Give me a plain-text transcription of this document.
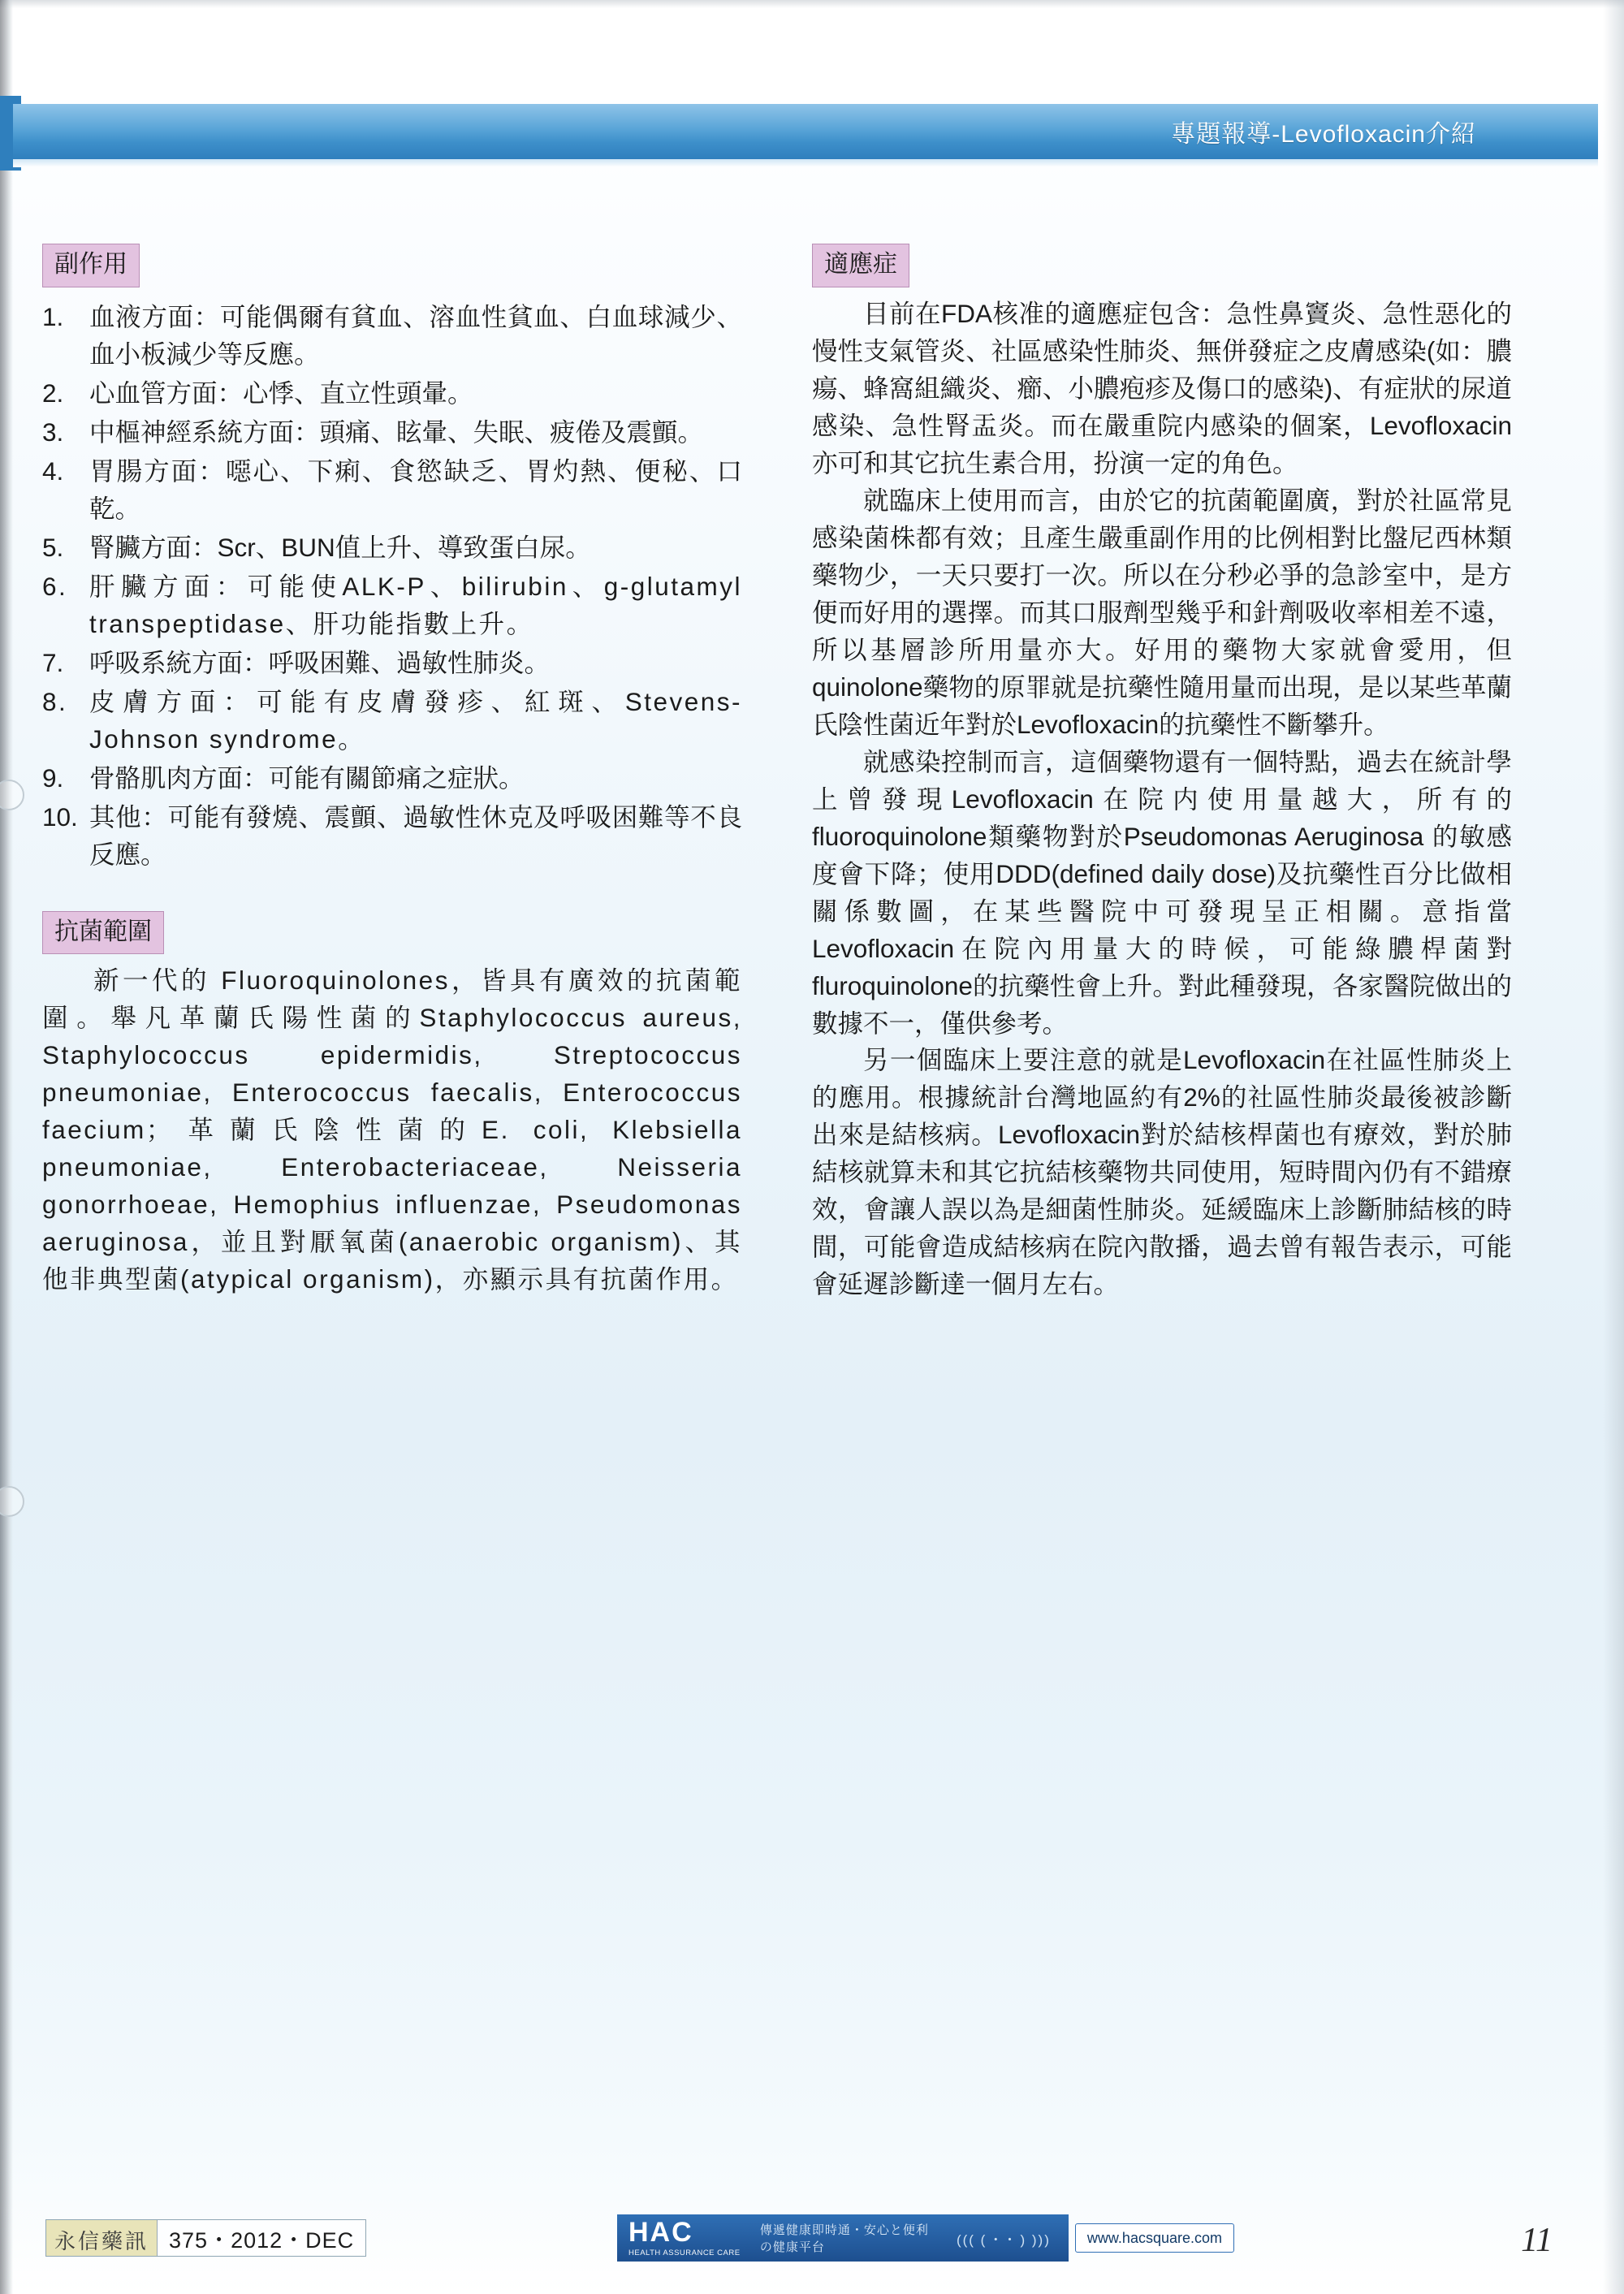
專題報導-Levofloxacin介紹
副作用
1.	血液方面：可能偶爾有貧血、溶血性貧血、白血球減少、血小板減少等反應。
2.	心血管方面：心悸、直立性頭暈。
3.	中樞神經系統方面：頭痛、眩暈、失眠、疲倦及震顫。
4.	胃腸方面：噁心、下痢、食慾缺乏、胃灼熱、便秘、口乾。
5.	腎臟方面：Scr、BUN值上升、導致蛋白尿。
6. 肝臟方面：可能使ALK-P、bilirubin、g-glutamyl transpeptidase、肝功能指數上升。
7.	呼吸系統方面：呼吸困難、過敏性肺炎。
8. 皮膚方面：可能有皮膚發疹、紅斑、Stevens-Johnson syndrome。
9.	骨骼肌肉方面：可能有關節痛之症狀。
10. 其他：可能有發燒、震顫、過敏性休克及呼吸困難等不良反應。
抗菌範圍

新一代的 Fluoroquinolones，皆具有廣效的抗菌範圍。舉凡革蘭氏陽性菌的Staphylococcus aureus, Staphylococcus epidermidis, Streptococcus pneumoniae, Enterococcus faecalis, Enterococcus faecium；革蘭氏陰性菌的E. coli, Klebsiella pneumoniae, Enterobacteriaceae, Neisseria gonorrhoeae, Hemophius influenzae, Pseudomonas aeruginosa，並且對厭氧菌(anaerobic organism)、其他非典型菌(atypical organism)，亦顯示具有抗菌作用。

適應症

目前在FDA核准的適應症包含：急性鼻竇炎、急性惡化的慢性支氣管炎、社區感染性肺炎、無併發症之皮膚感染(如：膿瘍、蜂窩組織炎、癤、小膿疱疹及傷口的感染)、有症狀的尿道感染、急性腎盂炎。而在嚴重院内感染的個案，Levofloxacin亦可和其它抗生素合用，扮演一定的角色。

就臨床上使用而言，由於它的抗菌範圍廣，對於社區常見感染菌株都有效；且產生嚴重副作用的比例相對比盤尼西林類藥物少，一天只要打一次。所以在分秒必爭的急診室中，是方便而好用的選擇。而其口服劑型幾乎和針劑吸收率相差不遠，所以基層診所用量亦大。好用的藥物大家就會愛用，但quinolone藥物的原罪就是抗藥性隨用量而出現，是以某些革蘭氏陰性菌近年對於Levofloxacin的抗藥性不斷攀升。

就感染控制而言，這個藥物還有一個特點，過去在統計學上曾發現Levofloxacin在院内使用量越大，所有的fluoroquinolone類藥物對於Pseudomonas Aeruginosa 的敏感度會下降；使用DDD(defined daily dose)及抗藥性百分比做相關係數圖，在某些醫院中可發現呈正相關。意指當Levofloxacin在院內用量大的時候，可能綠膿桿菌對fluroquinolone的抗藥性會上升。對此種發現，各家醫院做出的數據不一，僅供參考。

另一個臨床上要注意的就是Levofloxacin在社區性肺炎上的應用。根據統計台灣地區約有2%的社區性肺炎最後被診斷出來是結核病。Levofloxacin對於結核桿菌也有療效，對於肺結核就算未和其它抗結核藥物共同使用，短時間內仍有不錯療效，會讓人誤以為是細菌性肺炎。延緩臨床上診斷肺結核的時間，可能會造成結核病在院內散播，過去曾有報告表示，可能會延遲診斷達一個月左右。

永信藥訊 375・2012・DEC	HAC
HEALTH ASSURANCE CARE
傳遞健康即時通・安心と便利の健康平台	((( ( ･ ･ ) )))	www.hacsquare.com	11
